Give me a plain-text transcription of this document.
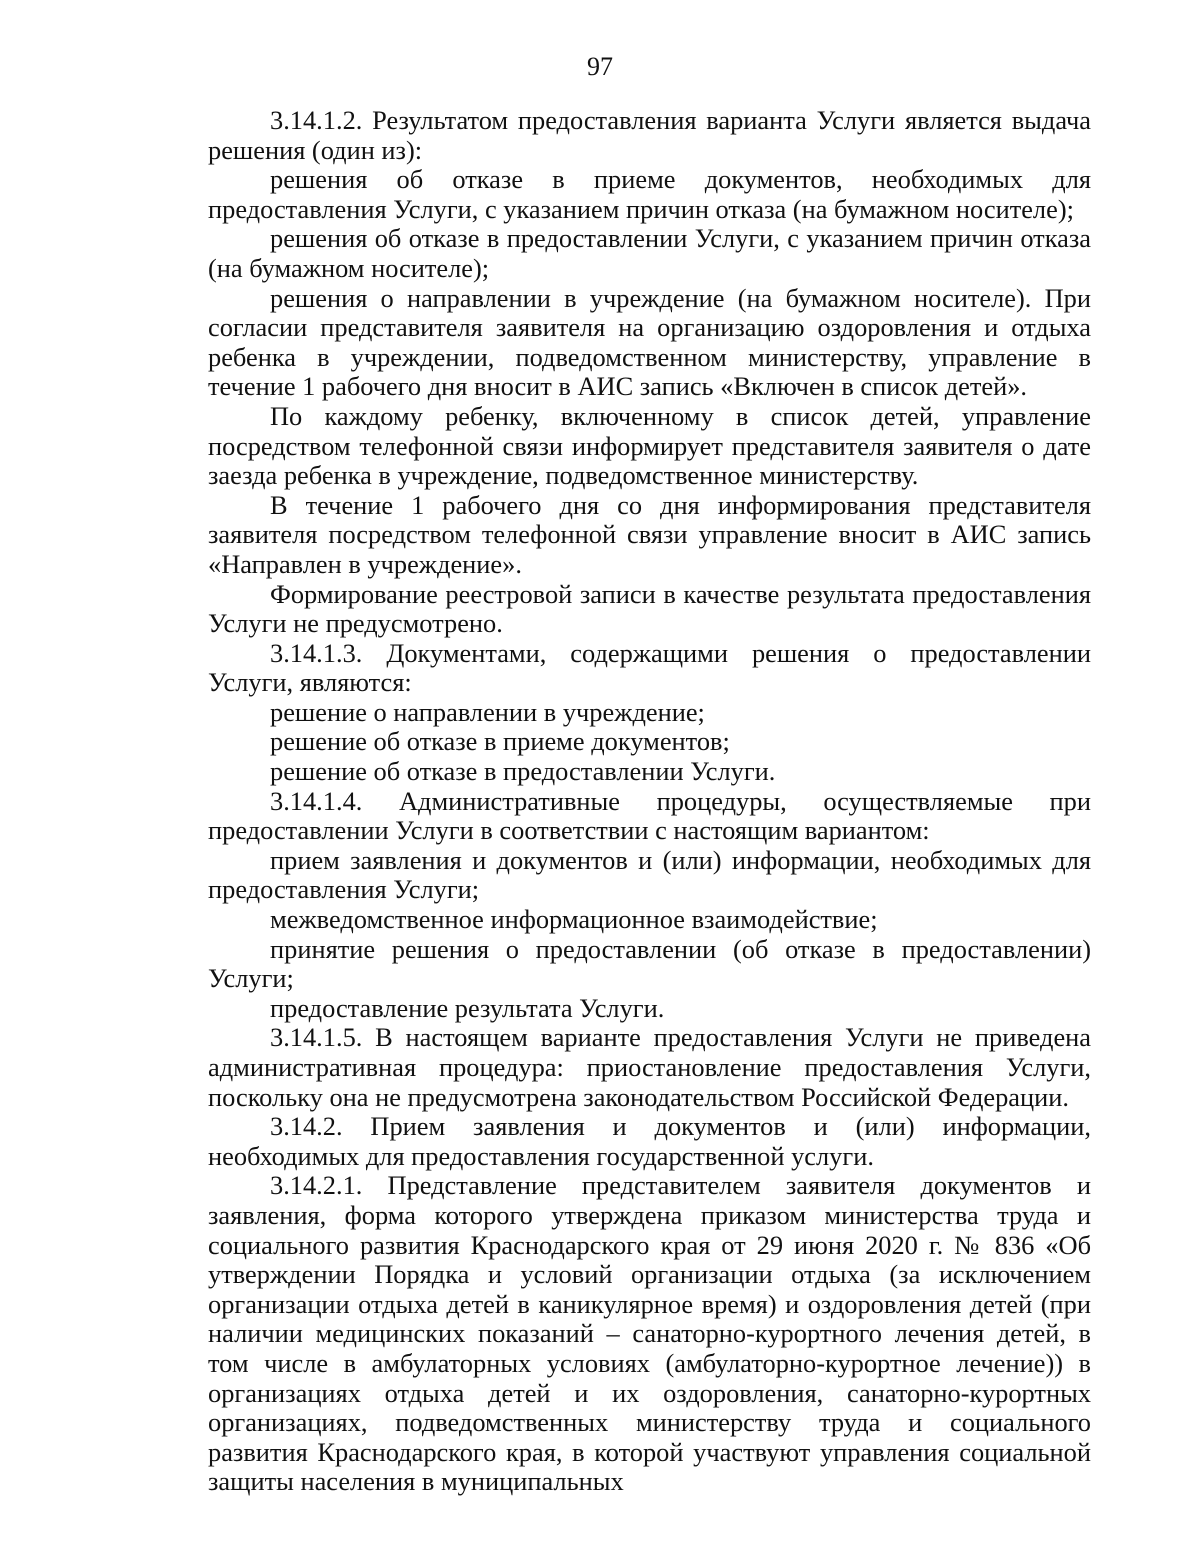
97

3.14.1.2. Результатом предоставления варианта Услуги является выдача решения (один из):

решения об отказе в приеме документов, необходимых для предоставления Услуги, с указанием причин отказа (на бумажном носителе);

решения об отказе в предоставлении Услуги, с указанием причин отказа (на бумажном носителе);

решения о направлении в учреждение (на бумажном носителе). При согласии представителя заявителя на организацию оздоровления и отдыха ребенка в учреждении, подведомственном министерству, управление в течение 1 рабочего дня вносит в АИС запись «Включен в список детей».

По каждому ребенку, включенному в список детей, управление посредством телефонной связи информирует представителя заявителя о дате заезда ребенка в учреждение, подведомственное министерству.

В течение 1 рабочего дня со дня информирования представителя заявителя посредством телефонной связи управление вносит в АИС запись «Направлен в учреждение».

Формирование реестровой записи в качестве результата предоставления Услуги не предусмотрено.

3.14.1.3. Документами, содержащими решения о предоставлении Услуги, являются:

решение о направлении в учреждение;

решение об отказе в приеме документов;

решение об отказе в предоставлении Услуги.

3.14.1.4. Административные процедуры, осуществляемые при предоставлении Услуги в соответствии с настоящим вариантом:

прием заявления и документов и (или) информации, необходимых для предоставления Услуги;

межведомственное информационное взаимодействие;

принятие решения о предоставлении (об отказе в предоставлении) Услуги;

предоставление результата Услуги.

3.14.1.5. В настоящем варианте предоставления Услуги не приведена административная процедура: приостановление предоставления Услуги, поскольку она не предусмотрена законодательством Российской Федерации.

3.14.2. Прием заявления и документов и (или) информации, необходимых для предоставления государственной услуги.

3.14.2.1. Представление представителем заявителя документов и заявления, форма которого утверждена приказом министерства труда и социального развития Краснодарского края от 29 июня 2020 г. № 836 «Об утверждении Порядка и условий организации отдыха (за исключением организации отдыха детей в каникулярное время) и оздоровления детей (при наличии медицинских показаний – санаторно-курортного лечения детей, в том числе в амбулаторных условиях (амбулаторно-курортное лечение)) в организациях отдыха детей и их оздоровления, санаторно-курортных организациях, подведомственных министерству труда и социального развития Краснодарского края, в которой участвуют управления социальной защиты населения в муниципальных
